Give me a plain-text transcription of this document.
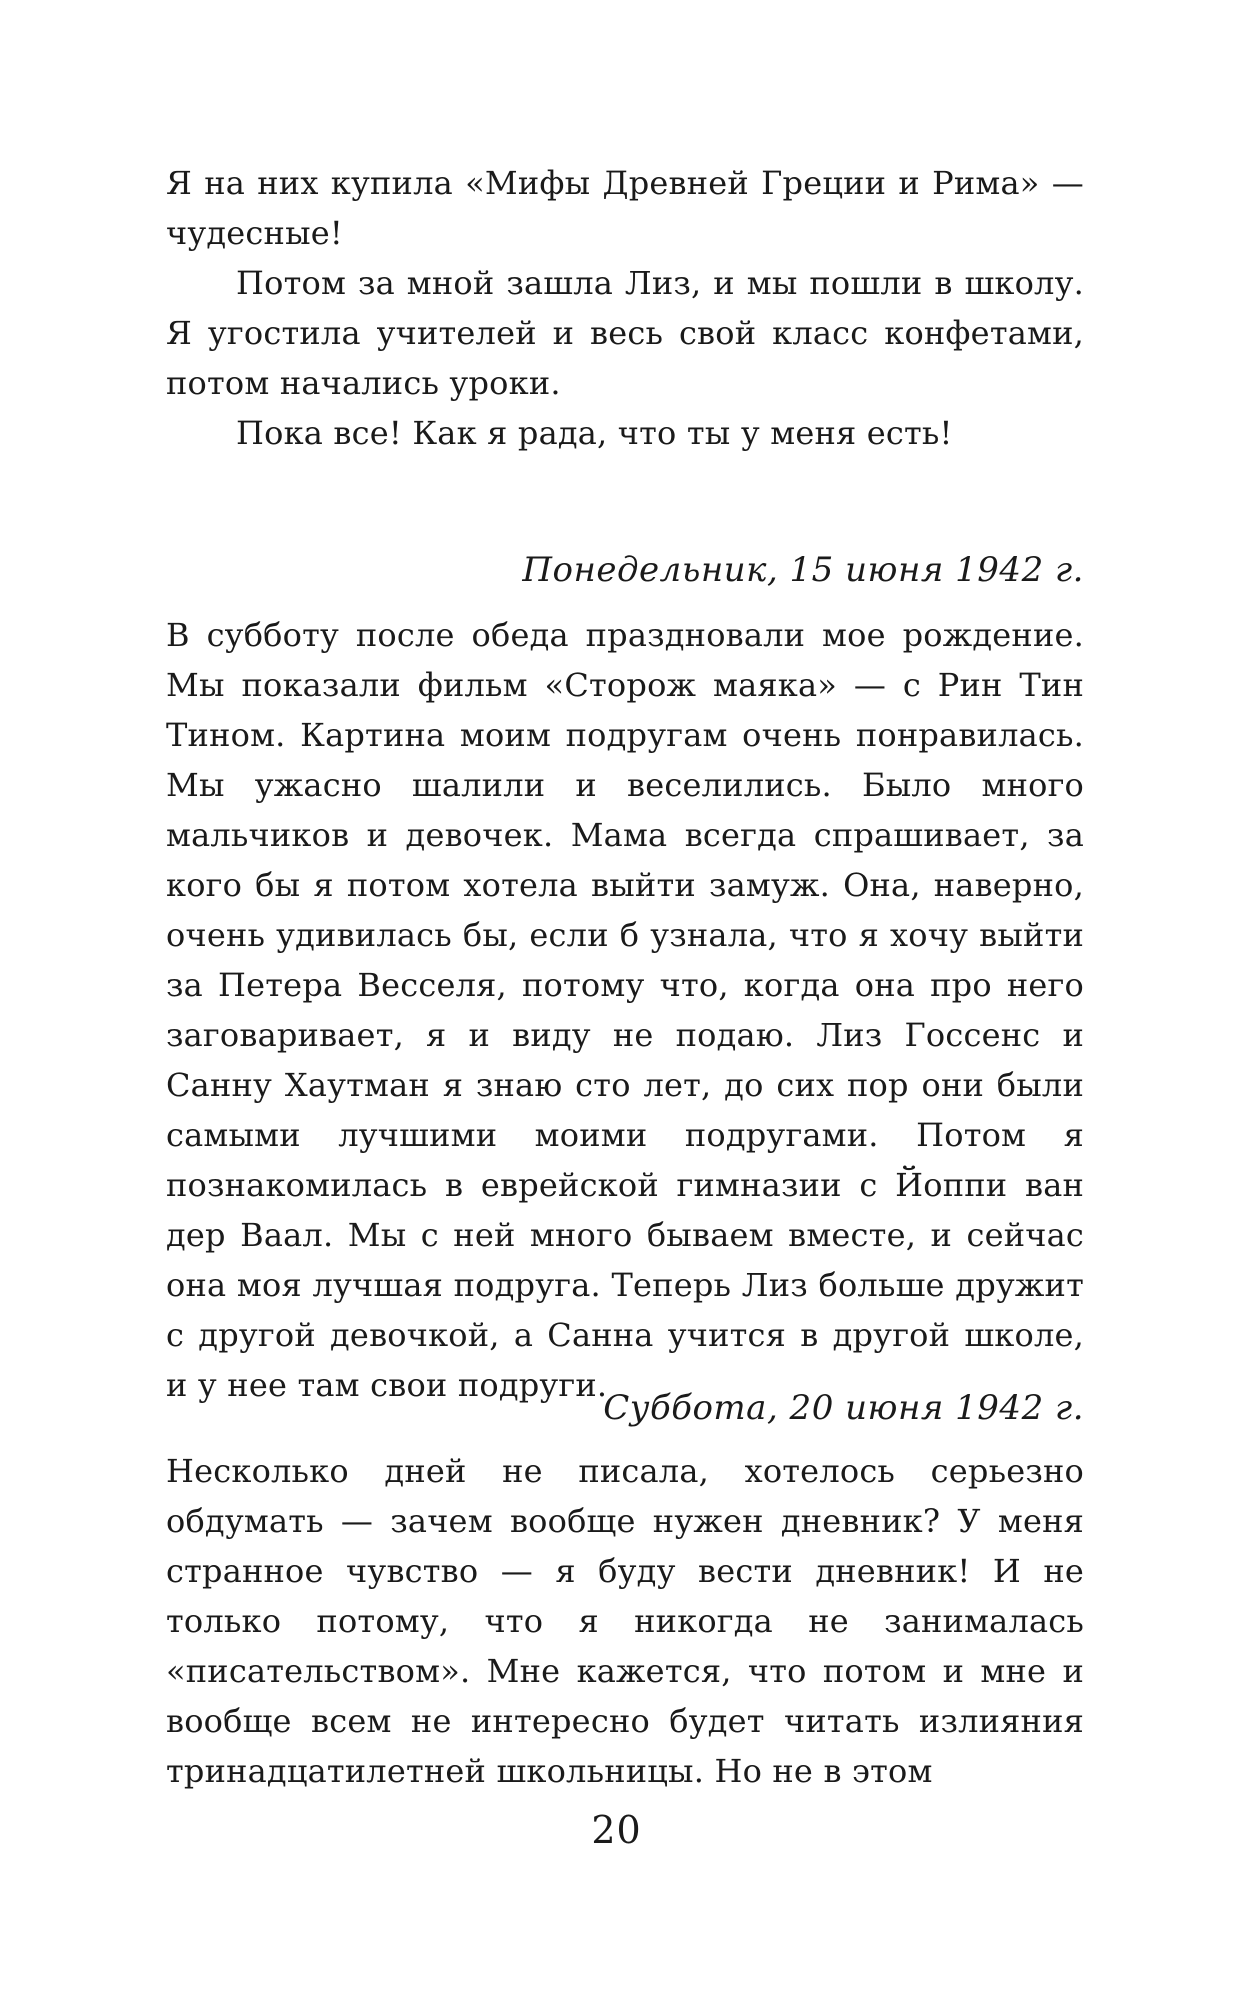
Я на них купила «Мифы Древней Греции и Рима» — чудесные!

Потом за мной зашла Лиз, и мы пошли в школу. Я угостила учителей и весь свой класс конфетами, потом начались уроки.

Пока все! Как я рада, что ты у меня есть!

Понедельник, 15 июня 1942 г.

В субботу после обеда праздновали мое рождение. Мы показали фильм «Сторож маяка» — с Рин Тин Тином. Картина моим подругам очень понравилась. Мы ужасно шалили и веселились. Было много мальчиков и девочек. Мама всегда спрашивает, за кого бы я потом хотела выйти замуж. Она, наверно, очень удивилась бы, если б узнала, что я хочу выйти за Петера Весселя, потому что, когда она про него заговаривает, я и виду не подаю. Лиз Госсенс и Санну Хаутман я знаю сто лет, до сих пор они были самыми лучшими моими подругами. Потом я познакомилась в еврейской гимназии с Йоппи ван дер Ваал. Мы с ней много бываем вместе, и сейчас она моя лучшая подруга. Теперь Лиз больше дружит с другой девочкой, а Санна учится в другой школе, и у нее там свои подруги.

Суббота, 20 июня 1942 г.

Несколько дней не писала, хотелось серьезно обдумать — зачем вообще нужен дневник? У меня странное чувство — я буду вести дневник! И не только потому, что я никогда не занималась «писательством». Мне кажется, что потом и мне и вообще всем не интересно будет читать излияния тринадцатилетней школьницы. Но не в этом

20
